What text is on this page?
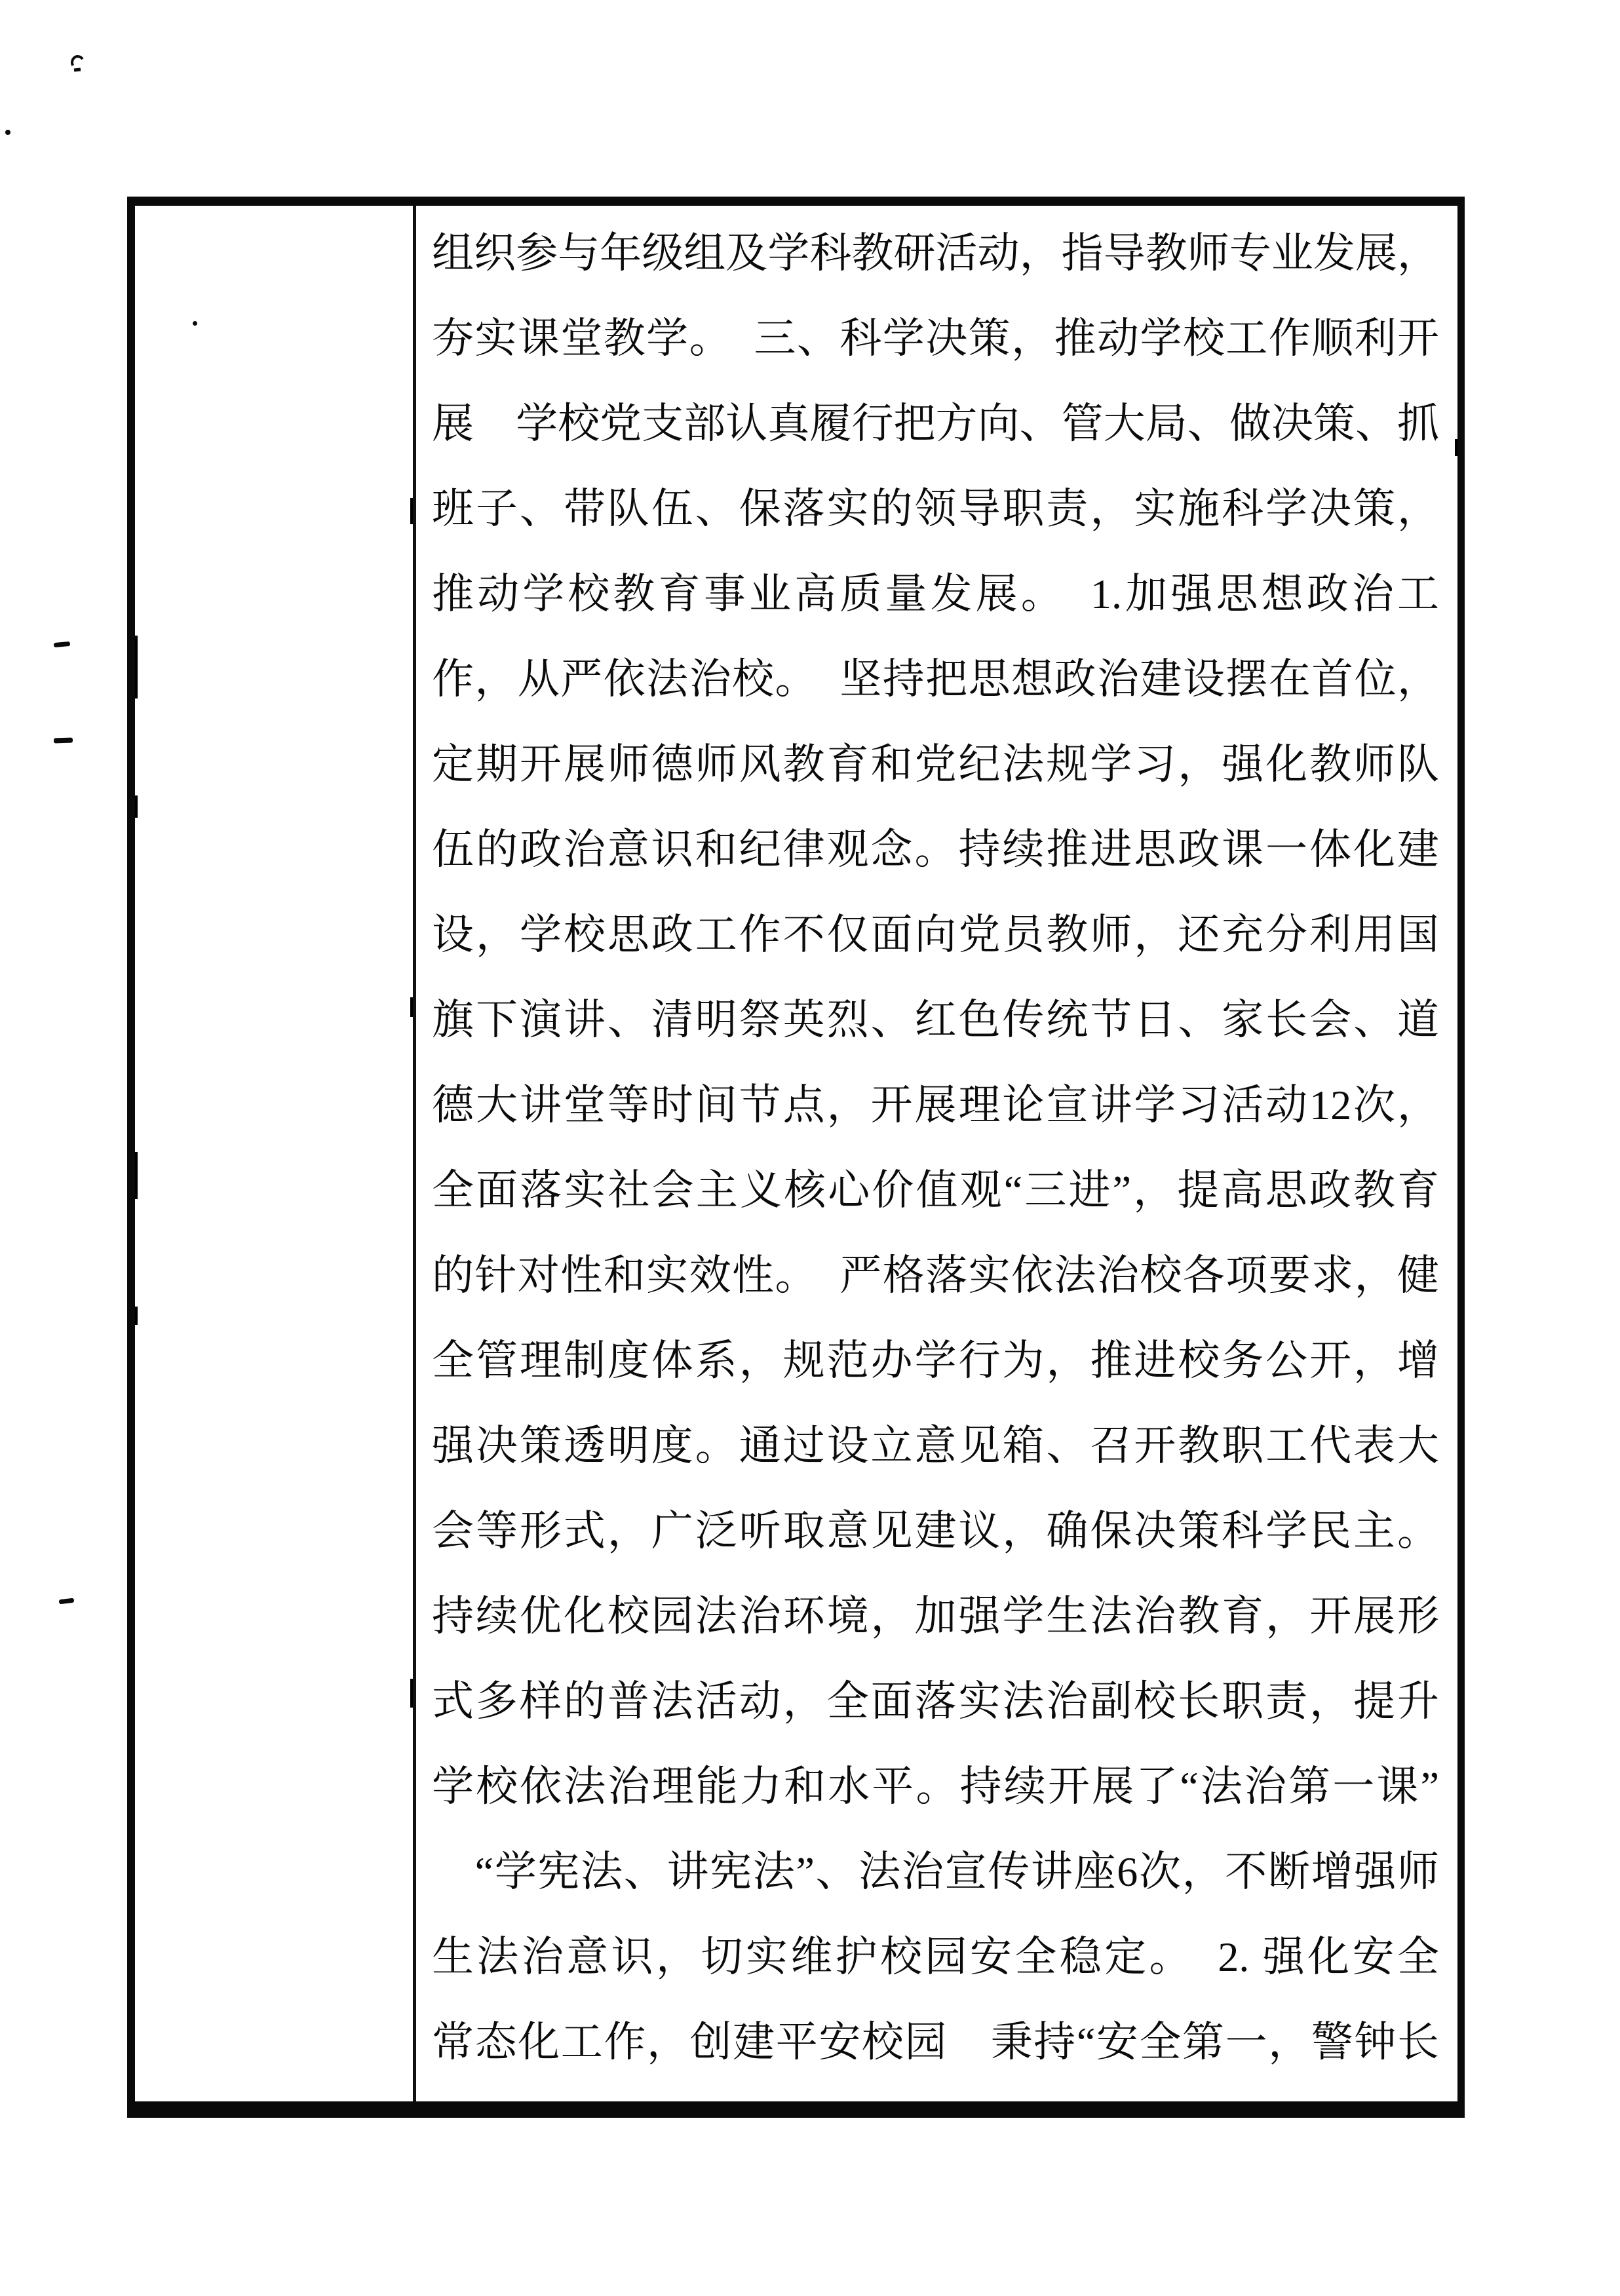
组织参与年级组及学科教研活动，指导教师专业发展，
夯实课堂教学。　三、科学决策，推动学校工作顺利开
展　学校党支部认真履行把方向、管大局、做决策、抓
班子、带队伍、保落实的领导职责，实施科学决策，
推动学校教育事业高质量发展。　1.加强思想政治工
作，从严依法治校。　坚持把思想政治建设摆在首位，
定期开展师德师风教育和党纪法规学习，强化教师队
伍的政治意识和纪律观念。持续推进思政课一体化建
设，学校思政工作不仅面向党员教师，还充分利用国
旗下演讲、清明祭英烈、红色传统节日、家长会、道
德大讲堂等时间节点，开展理论宣讲学习活动12次，
全面落实社会主义核心价值观“三进”，提高思政教育
的针对性和实效性。　严格落实依法治校各项要求，健
全管理制度体系，规范办学行为，推进校务公开，增
强决策透明度。通过设立意见箱、召开教职工代表大
会等形式，广泛听取意见建议，确保决策科学民主。
持续优化校园法治环境，加强学生法治教育，开展形
式多样的普法活动，全面落实法治副校长职责，提升
学校依法治理能力和水平。持续开展了“法治第一课”
　“学宪法、讲宪法”、法治宣传讲座6次，不断增强师
生法治意识，切实维护校园安全稳定。　2. 强化安全
常态化工作，创建平安校园　秉持“安全第一，警钟长
